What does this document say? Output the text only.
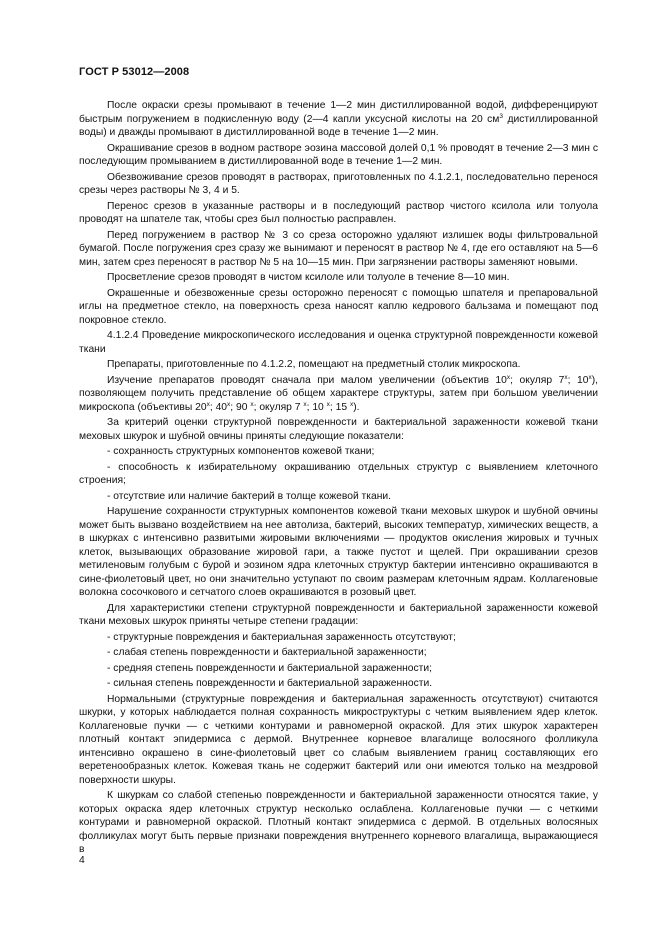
ГОСТ Р 53012—2008

После окраски срезы промывают в течение 1—2 мин дистиллированной водой, дифференцируют быстрым погружением в подкисленную воду (2—4 капли уксусной кислоты на 20 $см^3$ дистиллированной воды) и дважды промывают в дистиллированной воде в течение 1—2 мин.

Окрашивание срезов в водном растворе эозина массовой долей 0,1 % проводят в течение 2—3 мин с последующим промыванием в дистиллированной воде в течение 1—2 мин.

Обезвоживание срезов проводят в растворах, приготовленных по 4.1.2.1, последовательно перенося срезы через растворы № 3, 4 и 5.

Перенос срезов в указанные растворы и в последующий раствор чистого ксилола или толуола проводят на шпателе так, чтобы срез был полностью расправлен.

Перед погружением в раствор № 3 со среза осторожно удаляют излишек воды фильтровальной бумагой. После погружения срез сразу же вынимают и переносят в раствор № 4, где его оставляют на 5—6 мин, затем срез переносят в раствор № 5 на 10—15 мин. При загрязнении растворы заменяют новыми.

Просветление срезов проводят в чистом ксилоле или толуоле в течение 8—10 мин.

Окрашенные и обезвоженные срезы осторожно переносят с помощью шпателя и препаровальной иглы на предметное стекло, на поверхность среза наносят каплю кедрового бальзама и помещают под покровное стекло.

4.1.2.4 Проведение микроскопического исследования и оценка структурной поврежденности кожевой ткани

Препараты, приготовленные по 4.1.2.2, помещают на предметный столик микроскопа.

Изучение препаратов проводят сначала при малом увеличении (объектив 10$^x$; окуляр 7$^x$; 10$^x$), позволяющем получить представление об общем характере структуры, затем при большом увеличении микроскопа (объективы 20$^x$; 40$^x$; 90 $^x$; окуляр 7 $^x$; 10 $^x$; 15 $^x$).

За критерий оценки структурной поврежденности и бактериальной зараженности кожевой ткани меховых шкурок и шубной овчины приняты следующие показатели:

- сохранность структурных компонентов кожевой ткани;

- способность к избирательному окрашиванию отдельных структур с выявлением клеточного строения;

- отсутствие или наличие бактерий в толще кожевой ткани.

Нарушение сохранности структурных компонентов кожевой ткани меховых шкурок и шубной овчины может быть вызвано воздействием на нее автолиза, бактерий, высоких температур, химических веществ, а в шкурках с интенсивно развитыми жировыми включениями — продуктов окисления жировых и тучных клеток, вызывающих образование жировой гари, а также пустот и щелей. При окрашивании срезов метиленовым голубым с бурой и эозином ядра клеточных структур бактерии интенсивно окрашиваются в сине-фиолетовый цвет, но они значительно уступают по своим размерам клеточным ядрам. Коллагеновые волокна сосочкового и сетчатого слоев окрашиваются в розовый цвет.

Для характеристики степени структурной поврежденности и бактериальной зараженности кожевой ткани меховых шкурок приняты четыре степени градации:

- структурные повреждения и бактериальная зараженность отсутствуют;

- слабая степень поврежденности и бактериальной зараженности;

- средняя степень поврежденности и бактериальной зараженности;

- сильная степень поврежденности и бактериальной зараженности.

Нормальными (структурные повреждения и бактериальная зараженность отсутствуют) считаются шкурки, у которых наблюдается полная сохранность микроструктуры с четким выявлением ядер клеток. Коллагеновые пучки — с четкими контурами и равномерной окраской. Для этих шкурок характерен плотный контакт эпидермиса с дермой. Внутреннее корневое влагалище волосяного фолликула интенсивно окрашено в сине-фиолетовый цвет со слабым выявлением границ составляющих его веретенообразных клеток. Кожевая ткань не содержит бактерий или они имеются только на мездровой поверхности шкуры.

К шкуркам со слабой степенью поврежденности и бактериальной зараженности относятся такие, у которых окраска ядер клеточных структур несколько ослаблена. Коллагеновые пучки — с четкими контурами и равномерной окраской. Плотный контакт эпидермиса с дермой. В отдельных волосяных фолликулах могут быть первые признаки повреждения внутреннего корневого влагалища, выражающиеся в

4
